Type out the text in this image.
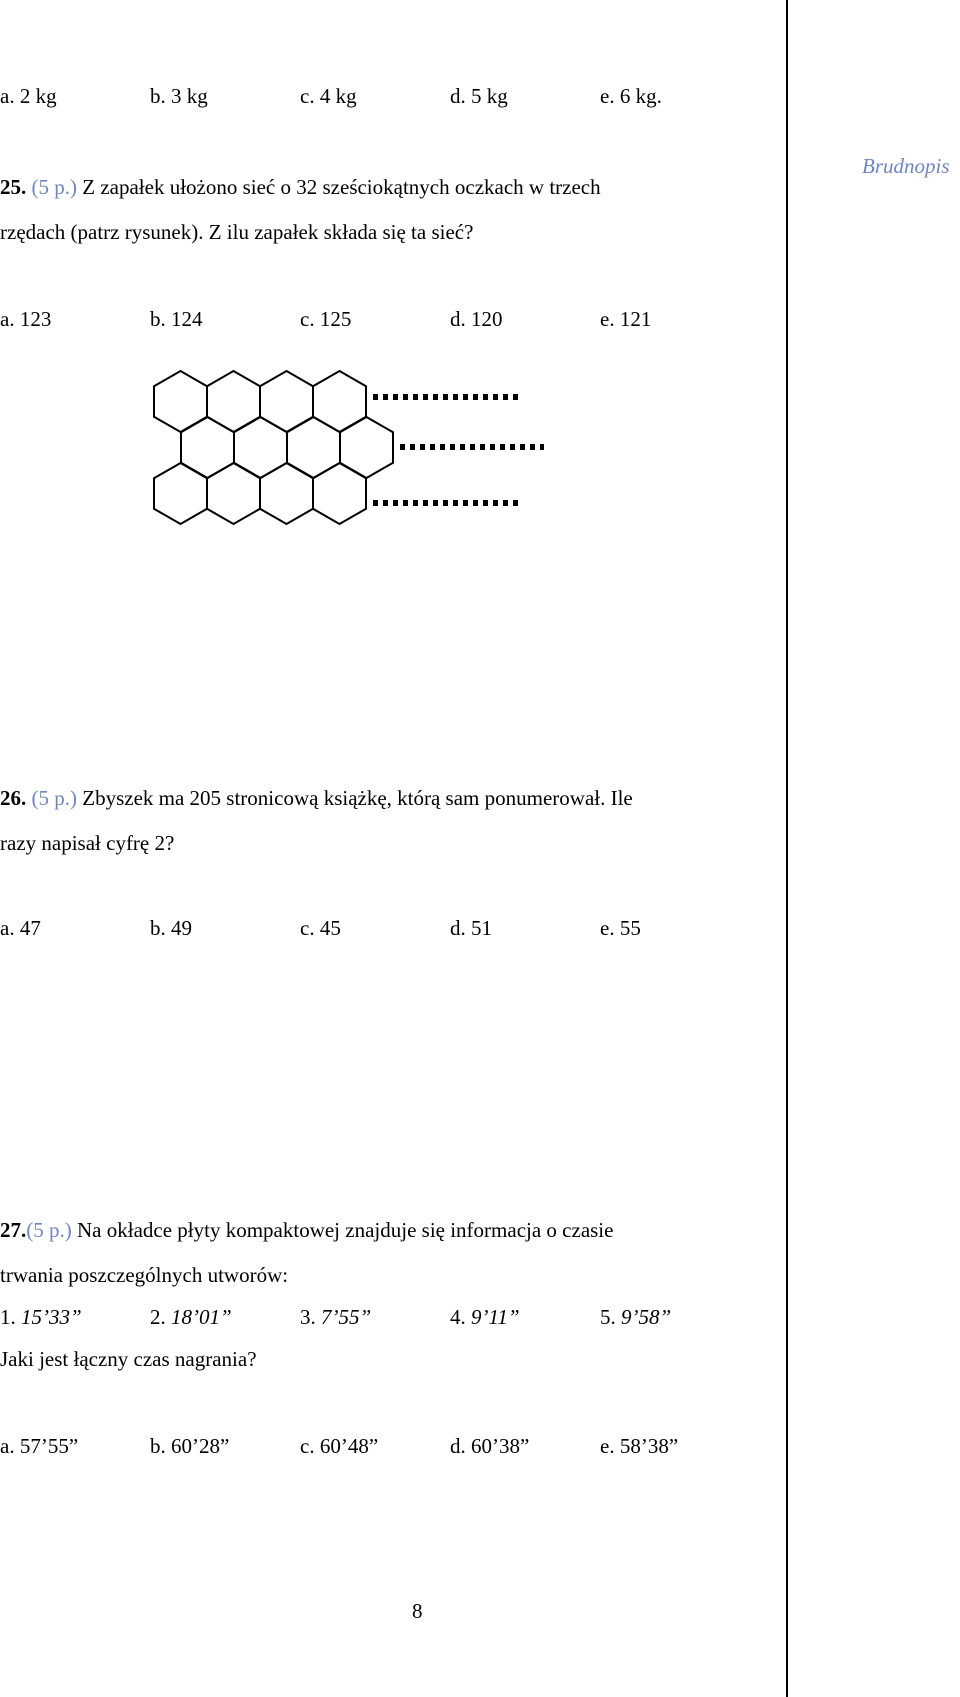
a. 2 kg	b. 3 kg	c. 4 kg	d. 5 kg	e. 6 kg.
Brudnopis
25. (5 p.) Z zapałek ułożono sieć o 32 sześciokątnych oczkach w trzech
rzędach (patrz rysunek). Z ilu zapałek składa się ta sieć?
a. 123	b. 124	c. 125	d. 120	e. 121
26. (5 p.) Zbyszek ma 205 stronicową książkę, którą sam ponumerował. Ile
razy napisał cyfrę 2?
a. 47	b. 49	c. 45	d. 51	e. 55
27.(5 p.) Na okładce płyty kompaktowej znajduje się informacja o czasie
trwania poszczególnych utworów:
1. 15’33”	2. 18’01”	3. 7’55”	4. 9’11”	5. 9’58”
Jaki jest łączny czas nagrania?
a. 57’55”	b. 60’28”	c. 60’48”	d. 60’38”	e. 58’38”
8
